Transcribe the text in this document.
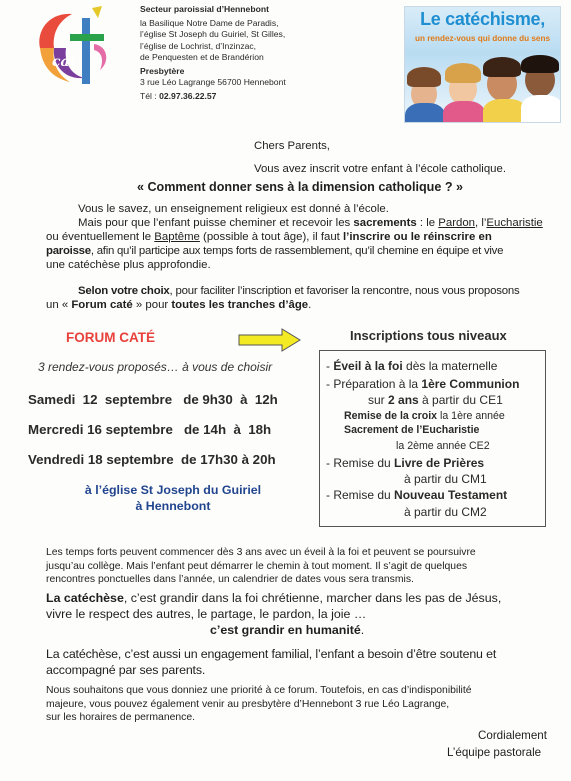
cat
Secteur paroissial d’Hennebont
la Basilique Notre Dame de Paradis,
l’église St Joseph du Guiriel, St Gilles,
l’église de Lochrist, d’Inzinzac,
de Penquesten et de Brandérion
Presbytère
3 rue Léo Lagrange 56700 Hennebont
Tél : 02.97.36.22.57
Le catéchisme,
un rendez-vous qui donne du sens
Chers Parents,
Vous avez inscrit votre enfant à l’école catholique.
« Comment donner sens à la dimension catholique ? »
Vous le savez, un enseignement religieux est donné à l’école.
Mais pour que l’enfant puisse cheminer et recevoir les sacrements : le Pardon, l’Eucharistie
ou éventuellement le Baptême (possible à tout âge), il faut l’inscrire ou le réinscrire en
paroisse, afin qu’il participe aux temps forts de rassemblement, qu’il chemine en équipe et vive
une catéchèse plus approfondie.
Selon votre choix, pour faciliter l’inscription et favoriser la rencontre, nous vous proposons
un « Forum caté » pour toutes les tranches d’âge.
FORUM CATÉ	Inscriptions tous niveaux
3 rendez-vous proposés… à vous de choisir
Samedi  12  septembre   de 9h30  à  12h
Mercredi 16 septembre   de 14h  à  18h
Vendredi 18 septembre  de 17h30 à 20h
à l’église St Joseph du Guiriel
à Hennebont
- Éveil à la foi dès la maternelle
- Préparation à la 1ère Communion
sur 2 ans à partir du CE1
Remise de la croix la 1ère année
Sacrement de l’Eucharistie
la 2ème année CE2
- Remise du Livre de Prières
à partir du CM1
- Remise du Nouveau Testament
à partir du CM2
Les temps forts peuvent commencer dès 3 ans avec un éveil à la foi et peuvent se poursuivre
jusqu’au collège. Mais l’enfant peut démarrer le chemin à tout moment. Il s’agit de quelques
rencontres ponctuelles dans l’année, un calendrier de dates vous sera transmis.
La catéchèse, c’est grandir dans la foi chrétienne, marcher dans les pas de Jésus,
vivre le respect des autres, le partage, le pardon, la joie …
c’est grandir en humanité.
La catéchèse, c’est aussi un engagement familial, l’enfant a besoin d’être soutenu et
accompagné par ses parents.
Nous souhaitons que vous donniez une priorité à ce forum. Toutefois, en cas d’indisponibilité
majeure, vous pouvez également venir au presbytère d’Hennebont 3 rue Léo Lagrange,
sur les horaires de permanence.
Cordialement
L’équipe pastorale
